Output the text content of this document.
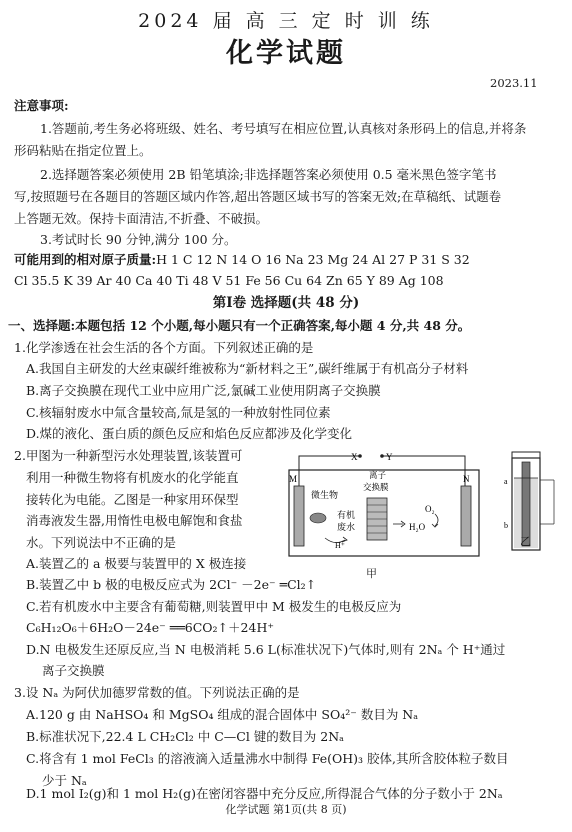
2024 届 高 三 定 时 训 练
化学试题
2023.11
注意事项:
1.答题前,考生务必将班级、姓名、考号填写在相应位置,认真核对条形码上的信息,并将条
形码粘贴在指定位置上。
2.选择题答案必须使用 2B 铅笔填涂;非选择题答案必须使用 0.5 毫米黑色签字笔书
写,按照题号在各题目的答题区域内作答,超出答题区域书写的答案无效;在草稿纸、试题卷
上答题无效。保持卡面清洁,不折叠、不破损。
3.考试时长 90 分钟,满分 100 分。
可能用到的相对原子质量:H 1 C 12 N 14 O 16 Na 23 Mg 24 Al 27 P 31 S 32
Cl 35.5 K 39 Ar 40 Ca 40 Ti 48 V 51 Fe 56 Cu 64 Zn 65 Y 89 Ag 108
第Ⅰ卷 选择题(共 48 分)
一、选择题:本题包括 12 个小题,每小题只有一个正确答案,每小题 4 分,共 48 分。
1.化学渗透在社会生活的各个方面。下列叙述正确的是
A.我国自主研发的大丝束碳纤维被称为“新材料之王”,碳纤维属于有机高分子材料
B.离子交换膜在现代工业中应用广泛,氯碱工业使用阴离子交换膜
C.核辐射废水中氚含量较高,氚是氢的一种放射性同位素
D.煤的液化、蛋白质的颜色反应和焰色反应都涉及化学变化
2.甲图为一种新型污水处理装置,该装置可
利用一种微生物将有机废水的化学能直
接转化为电能。乙图是一种家用环保型
消毒液发生器,用惰性电极电解饱和食盐
水。下列说法中不正确的是
A.装置乙的 a 极要与装置甲的 X 极连接
B.装置乙中 b 极的电极反应式为 2Cl⁻ －2e⁻ ═Cl₂↑
C.若有机废水中主要含有葡萄糖,则装置甲中 M 极发生的电极反应为
C₆H₁₂O₆＋6H₂O－24e⁻ ══6CO₂↑＋24H⁺
D.N 电极发生还原反应,当 N 电极消耗 5.6 L(标准状况下)气体时,则有 2Nₐ 个 H⁺通过
离子交换膜
X	Y
M	N
微生物
有机
废水
H⁺
离子
交换膜
O₂
H₂O
甲
a
b
乙
3.设 Nₐ 为阿伏加德罗常数的值。下列说法正确的是
A.120 g 由 NaHSO₄ 和 MgSO₄ 组成的混合固体中 SO₄²⁻ 数目为 Nₐ
B.标准状况下,22.4 L CH₂Cl₂ 中 C—Cl 键的数目为 2Nₐ
C.将含有 1 mol FeCl₃ 的溶液滴入适量沸水中制得 Fe(OH)₃ 胶体,其所含胶体粒子数目
少于 Nₐ
D.1 mol I₂(g)和 1 mol H₂(g)在密闭容器中充分反应,所得混合气体的分子数小于 2Nₐ
化学试题 第1页(共 8 页)
